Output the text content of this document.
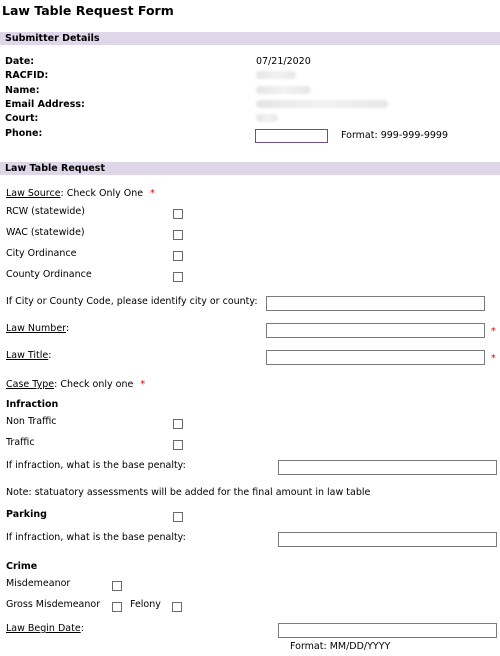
Law Table Request Form
Submitter Details
Date:	07/21/2020
RACFID:
Name:
Email Address:
Court:
Phone:	Format: 999-999-9999
Law Table Request
Law Source: Check Only One *
RCW (statewide)
WAC (statewide)
City Ordinance
County Ordinance
If City or County Code, please identify city or county:
Law Number:	*
Law Title:	*
Case Type: Check only one *
Infraction
Non Traffic
Traffic
If infraction, what is the base penalty:
Note: statuatory assessments will be added for the final amount in law table
Parking
If infraction, what is the base penalty:
Crime
Misdemeanor
Gross Misdemeanor	Felony
Law Begin Date:
Format: MM/DD/YYYY
